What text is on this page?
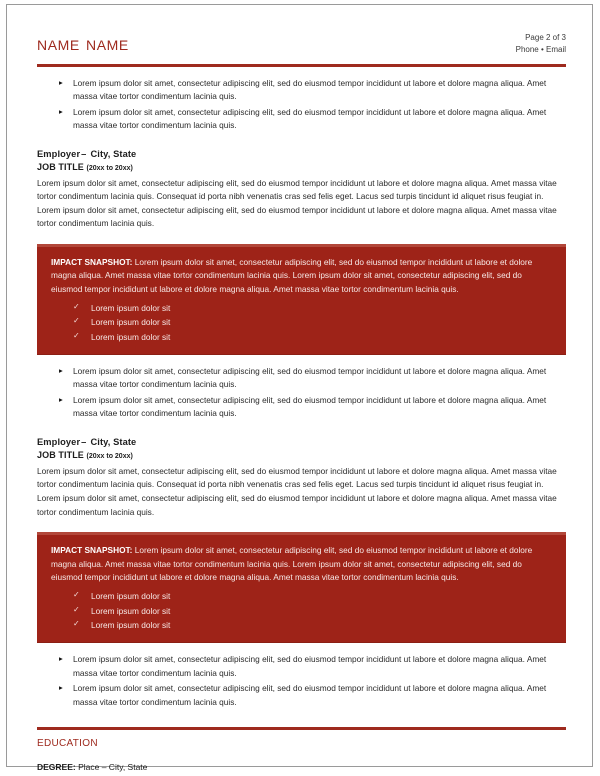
name name	Page 2 of 3
Phone • Email
▸ Lorem ipsum dolor sit amet, consectetur adipiscing elit, sed do eiusmod tempor incididunt ut labore et dolore magna aliqua. Amet massa vitae tortor condimentum lacinia quis.
▸ Lorem ipsum dolor sit amet, consectetur adipiscing elit, sed do eiusmod tempor incididunt ut labore et dolore magna aliqua. Amet massa vitae tortor condimentum lacinia quis.
Employer– City, State
JOB TITLE (20xx to 20xx)
Lorem ipsum dolor sit amet, consectetur adipiscing elit, sed do eiusmod tempor incididunt ut labore et dolore magna aliqua. Amet massa vitae tortor condimentum lacinia quis. Consequat id porta nibh venenatis cras sed felis eget. Lacus sed turpis tincidunt id aliquet risus feugiat in. Lorem ipsum dolor sit amet, consectetur adipiscing elit, sed do eiusmod tempor incididunt ut labore et dolore magna aliqua. Amet massa vitae tortor condimentum lacinia quis.
IMPACT SNAPSHOT: Lorem ipsum dolor sit amet, consectetur adipiscing elit, sed do eiusmod tempor incididunt ut labore et dolore magna aliqua. Amet massa vitae tortor condimentum lacinia quis. Lorem ipsum dolor sit amet, consectetur adipiscing elit, sed do eiusmod tempor incididunt ut labore et dolore magna aliqua. Amet massa vitae tortor condimentum lacinia quis.
✓ Lorem ipsum dolor sit
✓ Lorem ipsum dolor sit
✓ Lorem ipsum dolor sit
▸ Lorem ipsum dolor sit amet, consectetur adipiscing elit, sed do eiusmod tempor incididunt ut labore et dolore magna aliqua. Amet massa vitae tortor condimentum lacinia quis.
▸ Lorem ipsum dolor sit amet, consectetur adipiscing elit, sed do eiusmod tempor incididunt ut labore et dolore magna aliqua. Amet massa vitae tortor condimentum lacinia quis.
Employer– City, State
JOB TITLE (20xx to 20xx)
Lorem ipsum dolor sit amet, consectetur adipiscing elit, sed do eiusmod tempor incididunt ut labore et dolore magna aliqua. Amet massa vitae tortor condimentum lacinia quis. Consequat id porta nibh venenatis cras sed felis eget. Lacus sed turpis tincidunt id aliquet risus feugiat in. Lorem ipsum dolor sit amet, consectetur adipiscing elit, sed do eiusmod tempor incididunt ut labore et dolore magna aliqua. Amet massa vitae tortor condimentum lacinia quis.
IMPACT SNAPSHOT: Lorem ipsum dolor sit amet, consectetur adipiscing elit, sed do eiusmod tempor incididunt ut labore et dolore magna aliqua. Amet massa vitae tortor condimentum lacinia quis. Lorem ipsum dolor sit amet, consectetur adipiscing elit, sed do eiusmod tempor incididunt ut labore et dolore magna aliqua. Amet massa vitae tortor condimentum lacinia quis.
✓ Lorem ipsum dolor sit
✓ Lorem ipsum dolor sit
✓ Lorem ipsum dolor sit
▸ Lorem ipsum dolor sit amet, consectetur adipiscing elit, sed do eiusmod tempor incididunt ut labore et dolore magna aliqua. Amet massa vitae tortor condimentum lacinia quis.
▸ Lorem ipsum dolor sit amet, consectetur adipiscing elit, sed do eiusmod tempor incididunt ut labore et dolore magna aliqua. Amet massa vitae tortor condimentum lacinia quis.
EDUCATION
DEGREE: Place – City, State
